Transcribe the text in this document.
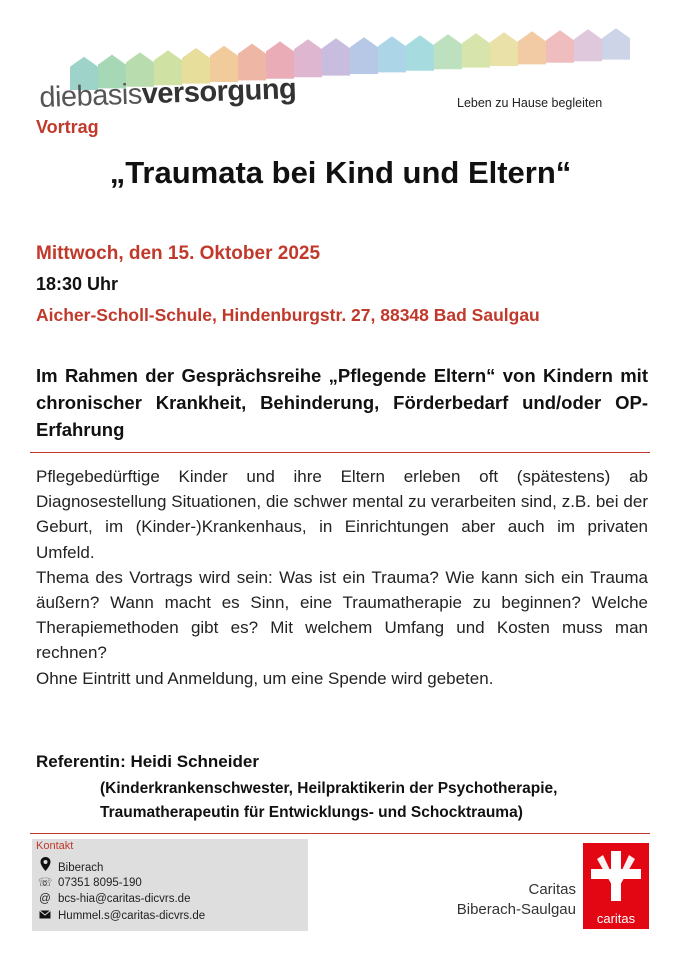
diebasisversorgung	Leben zu Hause begleiten
Vortrag
„Traumata bei Kind und Eltern“
Mittwoch, den 15. Oktober 2025
18:30 Uhr
Aicher-Scholl-Schule, Hindenburgstr. 27, 88348 Bad Saulgau
Im Rahmen der Gesprächsreihe „Pflegende Eltern“ von Kindern mit chronischer Krankheit, Behinderung, Förderbedarf und/oder OP-Erfahrung

Pflegebedürftige Kinder und ihre Eltern erleben oft (spätestens) ab Diagnosestellung Situationen, die schwer mental zu verarbeiten sind, z.B. bei der Geburt, im (Kinder-)Krankenhaus, in Einrichtungen aber auch im privaten Umfeld.

Thema des Vortrags wird sein: Was ist ein Trauma? Wie kann sich ein Trauma äußern? Wann macht es Sinn, eine Traumatherapie zu beginnen? Welche Therapiemethoden gibt es? Mit welchem Umfang und Kosten muss man rechnen?

Ohne Eintritt und Anmeldung, um eine Spende wird gebeten.

Referentin: Heidi Schneider
(Kinderkrankenschwester, Heilpraktikerin der Psychotherapie,
Traumatherapeutin für Entwicklungs- und Schocktrauma)
Kontakt
Biberach
☏ 07351 8095-190
@ bcs-hia@caritas-dicvrs.de
Hummel.s@caritas-dicvrs.de
Caritas
Biberach-Saulgau
caritas
